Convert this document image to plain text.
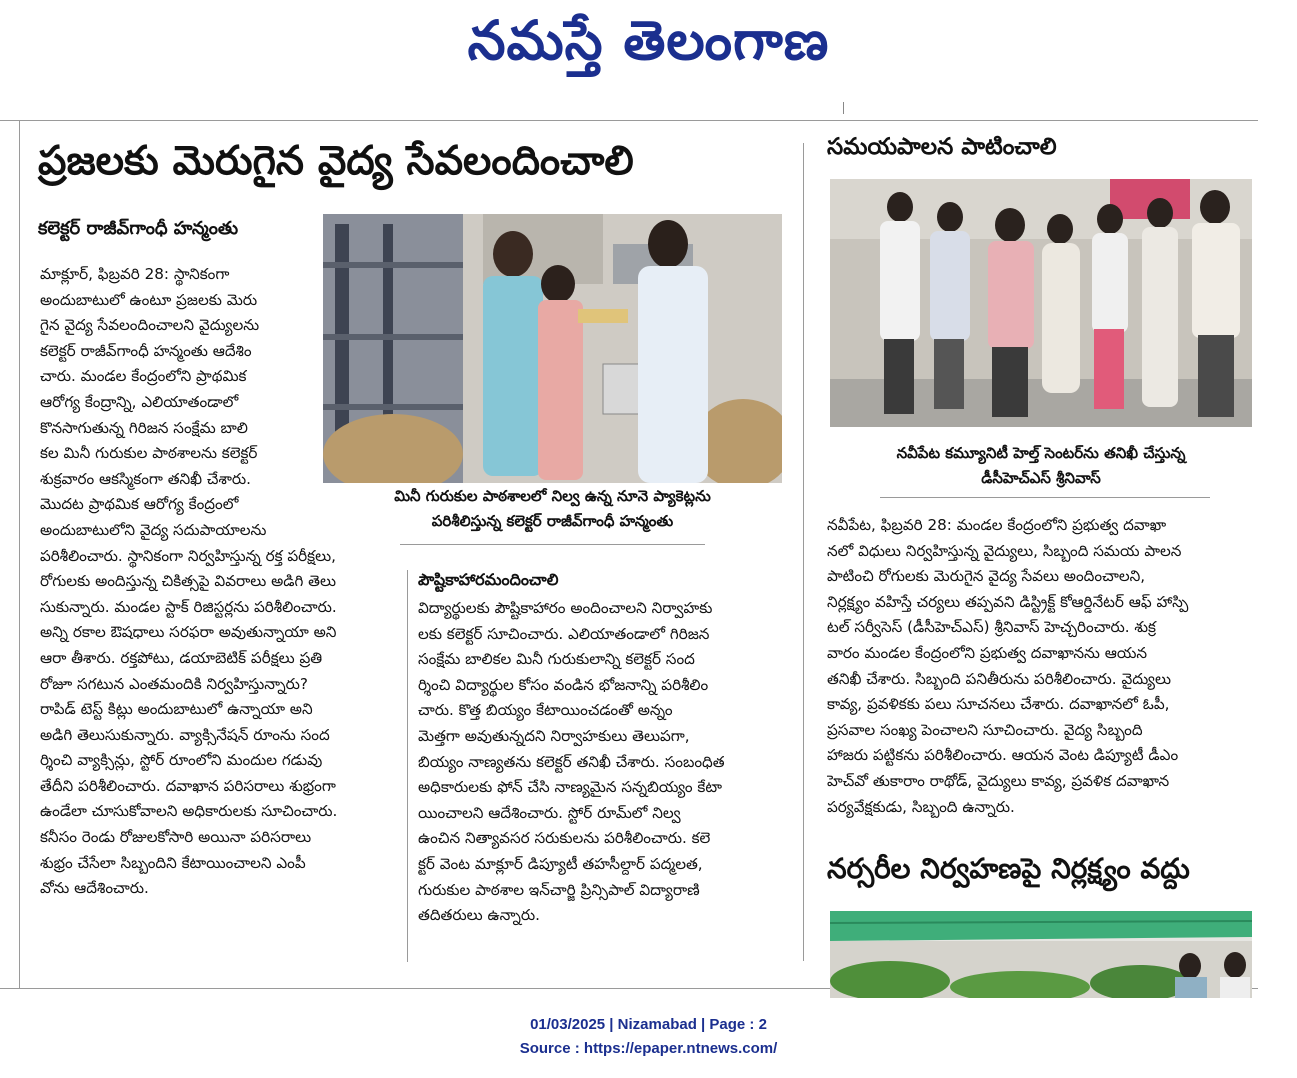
నమస్తే తెలంగాణ
ప్రజలకు మెరుగైన వైద్య సేవలందించాలి
కలెక్టర్ రాజీవ్‌గాంధీ హన్మంతు
మినీ గురుకుల పాఠశాలలో నిల్వ ఉన్న నూనె ప్యాకెట్లను
పరిశీలిస్తున్న కలెక్టర్ రాజీవ్‌గాంధీ హన్మంతు
మాక్లూర్, ఫిబ్రవరి 28: స్థానికంగా
అందుబాటులో ఉంటూ ప్రజలకు మెరు
గైన వైద్య సేవలందించాలని వైద్యులను
కలెక్టర్ రాజీవ్‌గాంధీ హన్మంతు ఆదేశిం
చారు. మండల కేంద్రంలోని ప్రాథమిక
ఆరోగ్య కేంద్రాన్ని, ఎలియాతండాలో
కొనసాగుతున్న గిరిజన సంక్షేమ బాలి
కల మినీ గురుకుల పాఠశాలను కలెక్టర్
శుక్రవారం ఆకస్మికంగా తనిఖీ చేశారు.
మొదట ప్రాథమిక ఆరోగ్య కేంద్రంలో
అందుబాటులోని వైద్య సదుపాయాలను
పరిశీలించారు. స్థానికంగా నిర్వహిస్తున్న రక్త పరీక్షలు,
రోగులకు అందిస్తున్న చికిత్సపై వివరాలు అడిగి తెలు
సుకున్నారు. మండల స్టాక్ రిజిస్టర్లను పరిశీలించారు.
అన్ని రకాల ఔషధాలు సరఫరా అవుతున్నాయా అని
ఆరా తీశారు. రక్తపోటు, డయాబెటిక్ పరీక్షలు ప్రతి
రోజూ సగటున ఎంతమందికి నిర్వహిస్తున్నారు?
రాపిడ్ టెస్ట్ కిట్లు అందుబాటులో ఉన్నాయా అని
అడిగి తెలుసుకున్నారు. వ్యాక్సినేషన్ రూంను సంద
ర్శించి వ్యాక్సిన్లు, స్టోర్ రూంలోని మందుల గడువు
తేదీని పరిశీలించారు. దవాఖాన పరిసరాలు శుభ్రంగా
ఉండేలా చూసుకోవాలని అధికారులకు సూచించారు.
కనీసం రెండు రోజులకోసారి అయినా పరిసరాలు
శుభ్రం చేసేలా సిబ్బందిని కేటాయించాలని ఎంపీ
వోను ఆదేశించారు.
పౌష్టికాహారమందించాలి
విద్యార్థులకు పౌష్టికాహారం అందించాలని నిర్వాహకు
లకు కలెక్టర్ సూచించారు. ఎలియాతండాలో గిరిజన
సంక్షేమ బాలికల మినీ గురుకులాన్ని కలెక్టర్ సంద
ర్శించి విద్యార్థుల కోసం వండిన భోజనాన్ని పరిశీలిం
చారు. కొత్త బియ్యం కేటాయించడంతో అన్నం
మెత్తగా అవుతున్నదని నిర్వాహకులు తెలుపగా,
బియ్యం నాణ్యతను కలెక్టర్ తనిఖీ చేశారు. సంబంధిత
అధికారులకు ఫోన్ చేసి నాణ్యమైన సన్నబియ్యం కేటా
యించాలని ఆదేశించారు. స్టోర్ రూమ్‌లో నిల్వ
ఉంచిన నిత్యావసర సరుకులను పరిశీలించారు. కలె
క్టర్ వెంట మాక్లూర్ డిప్యూటీ తహసీల్దార్ పద్మలత,
గురుకుల పాఠశాల ఇన్‌చార్జి ప్రిన్సిపాల్ విద్యారాణి
తదితరులు ఉన్నారు.
సమయపాలన పాటించాలి
నవీపేట కమ్యూనిటీ హెల్త్ సెంటర్‌ను తనిఖీ చేస్తున్న
డీసీహెచ్‌ఎస్ శ్రీనివాస్
నవీపేట, ఫిబ్రవరి 28: మండల కేంద్రంలోని ప్రభుత్వ దవాఖా
నలో విధులు నిర్వహిస్తున్న వైద్యులు, సిబ్బంది సమయ పాలన
పాటించి రోగులకు మెరుగైన వైద్య సేవలు అందించాలని,
నిర్లక్ష్యం వహిస్తే చర్యలు తప్పవని డిస్ట్రిక్ట్ కోఆర్డినేటర్ ఆఫ్ హాస్పి
టల్ సర్వీసెస్ (డీసీహెచ్‌ఎస్) శ్రీనివాస్ హెచ్చరించారు. శుక్ర
వారం మండల కేంద్రంలోని ప్రభుత్వ దవాఖానను ఆయన
తనిఖీ చేశారు. సిబ్బంది పనితీరును పరిశీలించారు. వైద్యులు
కావ్య, ప్రవళికకు పలు సూచనలు చేశారు. దవాఖానలో ఓపీ,
ప్రసవాల సంఖ్య పెంచాలని సూచించారు. వైద్య సిబ్బంది
హాజరు పట్టికను పరిశీలించారు. ఆయన వెంట డిప్యూటీ డీఎం
హెచ్‌వో తుకారాం రాథోడ్, వైద్యులు కావ్య, ప్రవళిక దవాఖాన
పర్యవేక్షకుడు, సిబ్బంది ఉన్నారు.
నర్సరీల నిర్వహణపై నిర్లక్ష్యం వద్దు
01/03/2025 | Nizamabad | Page : 2
Source : https://epaper.ntnews.com/
